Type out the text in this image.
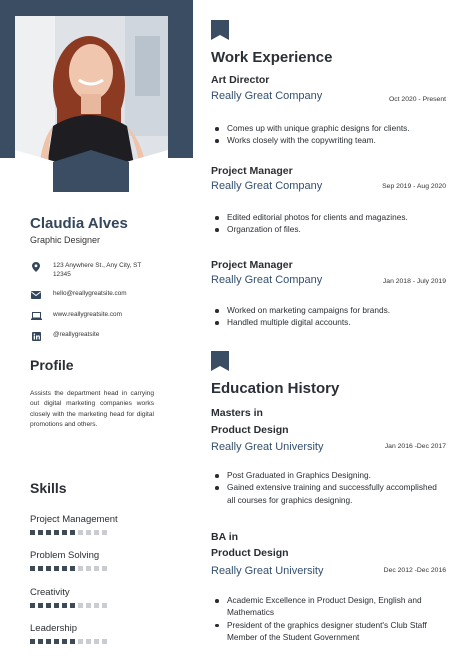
Claudia Alves
Graphic Designer
123 Anywhere St., Any City, ST 12345
hello@reallygreatsite.com
www.reallygreatsite.com
@reallygreatsite
Profile
Assists the department head in carrying out digital marketing companies works closely with the marketing head for digital promotions and others.
Skills
Project Management
Problem Solving
Creativity
Leadership
Work Experience
Art Director
Really Great Company	Oct 2020 - Present
Comes up with unique graphic designs for clients.
Works closely with the copywriting team.
Project Manager
Really Great Company	Sep 2019 - Aug 2020
Edited editorial photos for clients and magazines.
Organzation of files.
Project Manager
Really Great Company	Jan 2018 - July 2019
Worked on marketing campaigns for brands.
Handled multiple digital accounts.
Education History
Masters in
Product Design
Really Great University	Jan 2016 -Dec 2017
Post Graduated in Graphics Designing.
Gained extensive training and successfully accomplished all courses for graphics designing.
BA in
Product Design
Really Great University	Dec 2012 -Dec 2016
Academic Excellence in Product Design, English and Mathematics
President of the graphics designer student's Club Staff Member of the Student Government
